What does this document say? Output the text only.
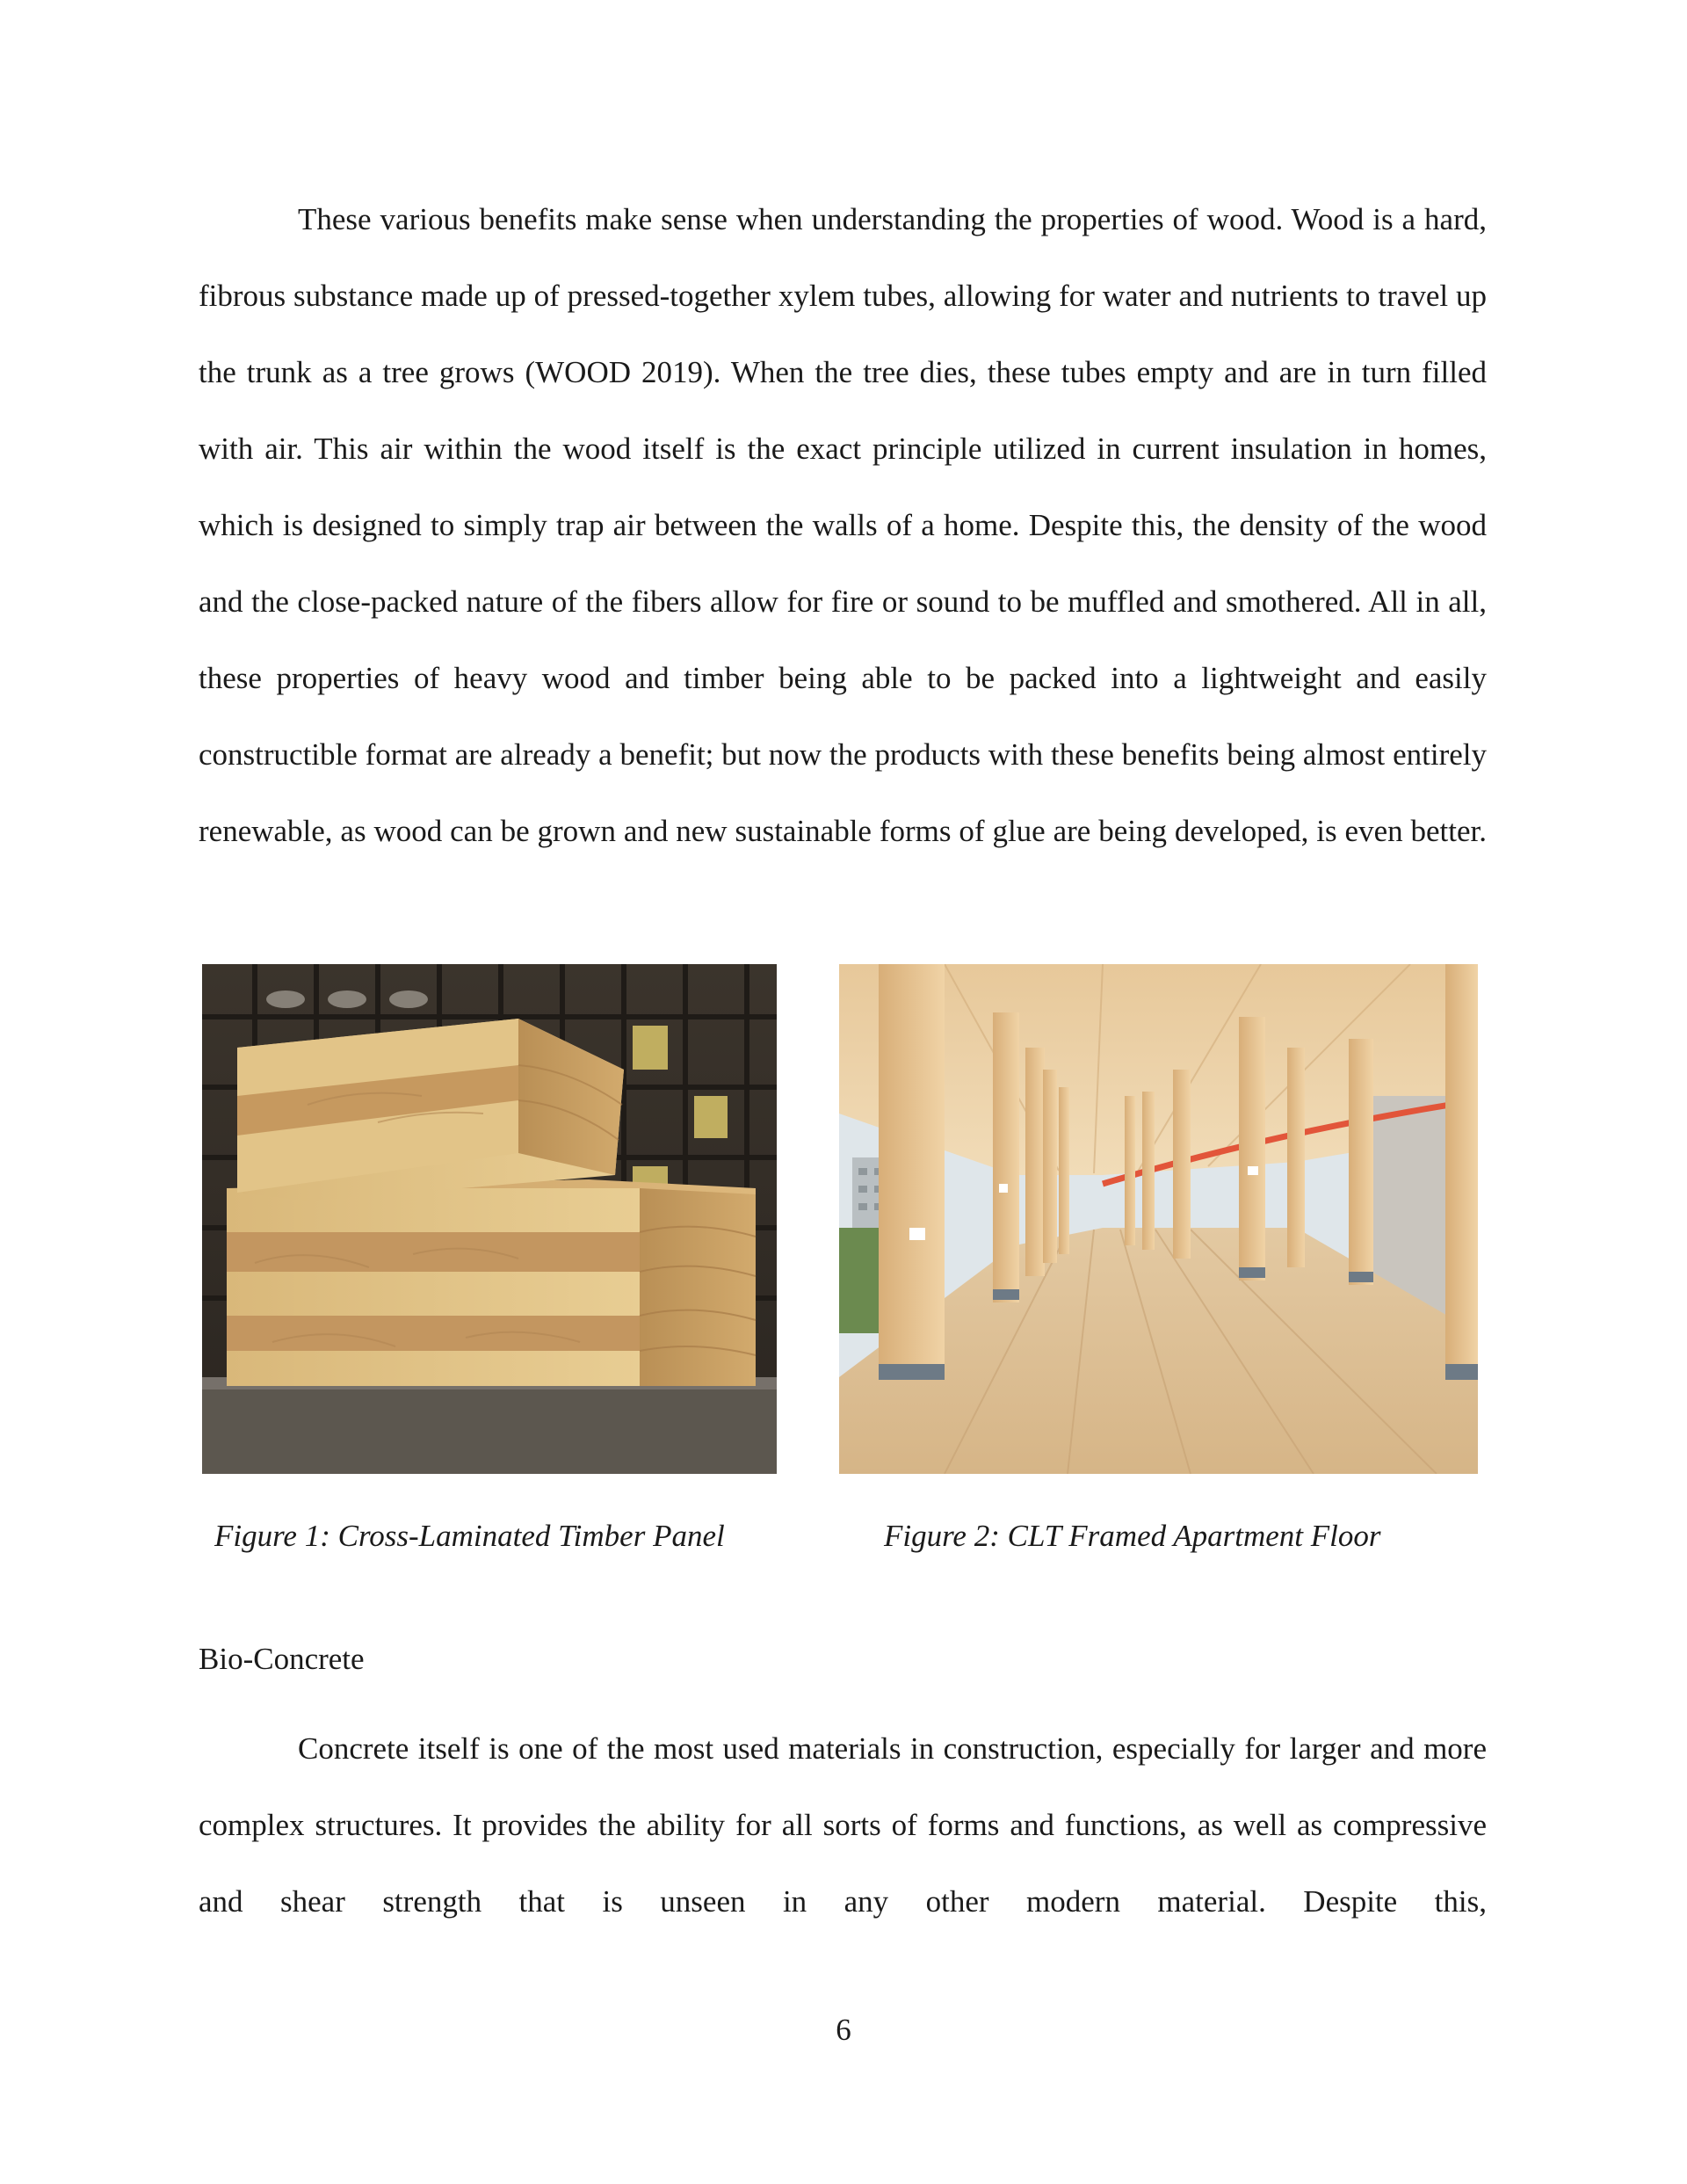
These various benefits make sense when understanding the properties of wood. Wood is a hard, fibrous substance made up of pressed-together xylem tubes, allowing for water and nutrients to travel up the trunk as a tree grows (WOOD 2019). When the tree dies, these tubes empty and are in turn filled with air. This air within the wood itself is the exact principle utilized in current insulation in homes, which is designed to simply trap air between the walls of a home. Despite this, the density of the wood and the close-packed nature of the fibers allow for fire or sound to be muffled and smothered. All in all, these properties of heavy wood and timber being able to be packed into a lightweight and easily constructible format are already a benefit; but now the products with these benefits being almost entirely renewable, as wood can be grown and new sustainable forms of glue are being developed, is even better.

Figure 1: Cross-Laminated Timber Panel	Figure 2: CLT Framed Apartment Floor
Bio-Concrete

Concrete itself is one of the most used materials in construction, especially for larger and more complex structures. It provides the ability for all sorts of forms and functions, as well as compressive and shear strength that is unseen in any other modern material. Despite this,

6
